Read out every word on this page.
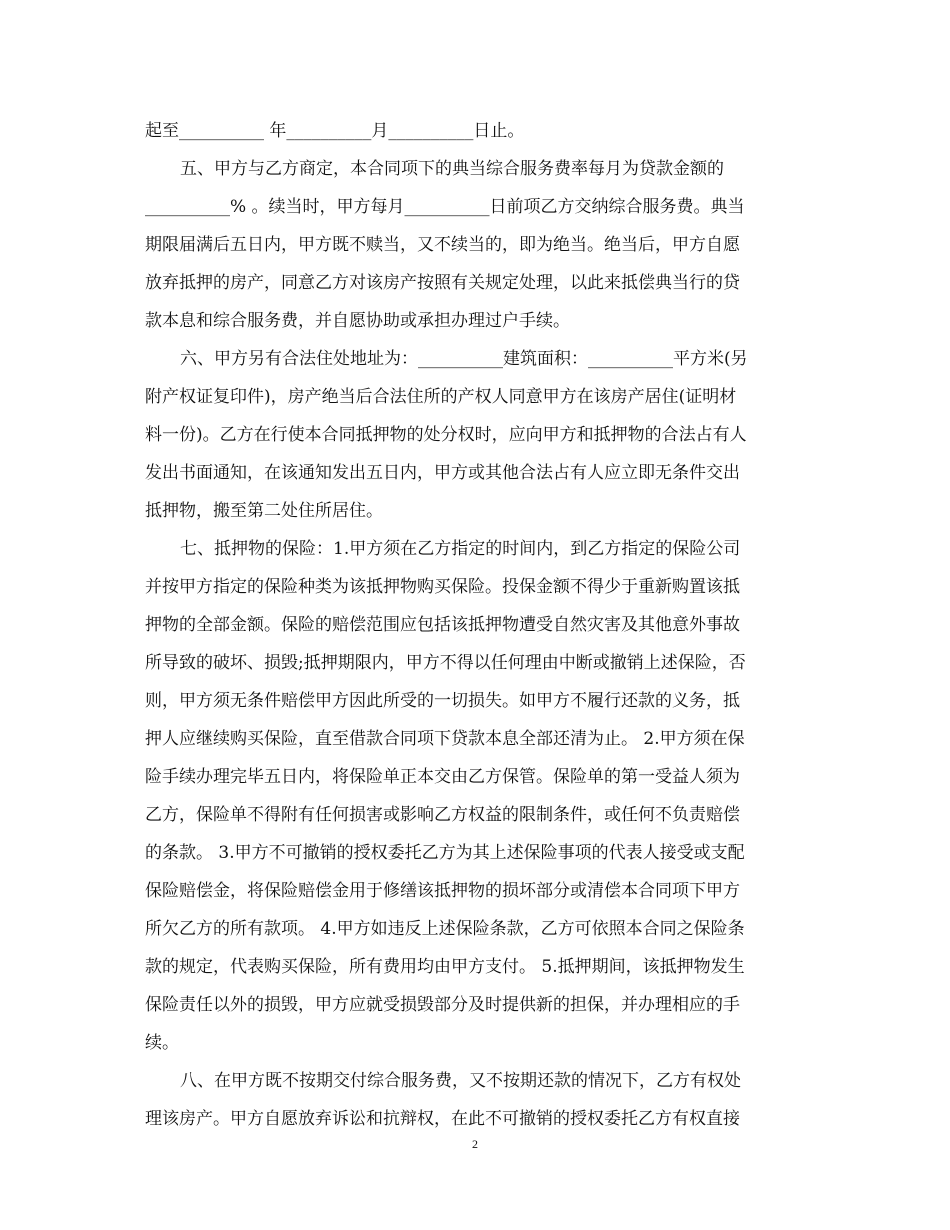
起至__________ 年__________月__________日止。
五、甲方与乙方商定，本合同项下的典当综合服务费率每月为贷款金额的
__________% 。续当时，甲方每月__________日前项乙方交纳综合服务费。典当
期限届满后五日内，甲方既不赎当，又不续当的，即为绝当。绝当后，甲方自愿
放弃抵押的房产，同意乙方对该房产按照有关规定处理，以此来抵偿典当行的贷
款本息和综合服务费，并自愿协助或承担办理过户手续。
六、甲方另有合法住处地址为：__________建筑面积：__________平方米(另
附产权证复印件)，房产绝当后合法住所的产权人同意甲方在该房产居住(证明材
料一份)。乙方在行使本合同抵押物的处分权时，应向甲方和抵押物的合法占有人
发出书面通知，在该通知发出五日内，甲方或其他合法占有人应立即无条件交出
抵押物，搬至第二处住所居住。
七、抵押物的保险：1.甲方须在乙方指定的时间内，到乙方指定的保险公司
并按甲方指定的保险种类为该抵押物购买保险。投保金额不得少于重新购置该抵
押物的全部金额。保险的赔偿范围应包括该抵押物遭受自然灾害及其他意外事故
所导致的破坏、损毁;抵押期限内，甲方不得以任何理由中断或撤销上述保险，否
则，甲方须无条件赔偿甲方因此所受的一切损失。如甲方不履行还款的义务，抵
押人应继续购买保险，直至借款合同项下贷款本息全部还清为止。 2.甲方须在保
险手续办理完毕五日内，将保险单正本交由乙方保管。保险单的第一受益人须为
乙方，保险单不得附有任何损害或影响乙方权益的限制条件，或任何不负责赔偿
的条款。 3.甲方不可撤销的授权委托乙方为其上述保险事项的代表人接受或支配
保险赔偿金，将保险赔偿金用于修缮该抵押物的损坏部分或清偿本合同项下甲方
所欠乙方的所有款项。 4.甲方如违反上述保险条款，乙方可依照本合同之保险条
款的规定，代表购买保险，所有费用均由甲方支付。 5.抵押期间，该抵押物发生
保险责任以外的损毁，甲方应就受损毁部分及时提供新的担保，并办理相应的手
续。
八、在甲方既不按期交付综合服务费，又不按期还款的情况下，乙方有权处
理该房产。甲方自愿放弃诉讼和抗辩权，在此不可撤销的授权委托乙方有权直接
2
